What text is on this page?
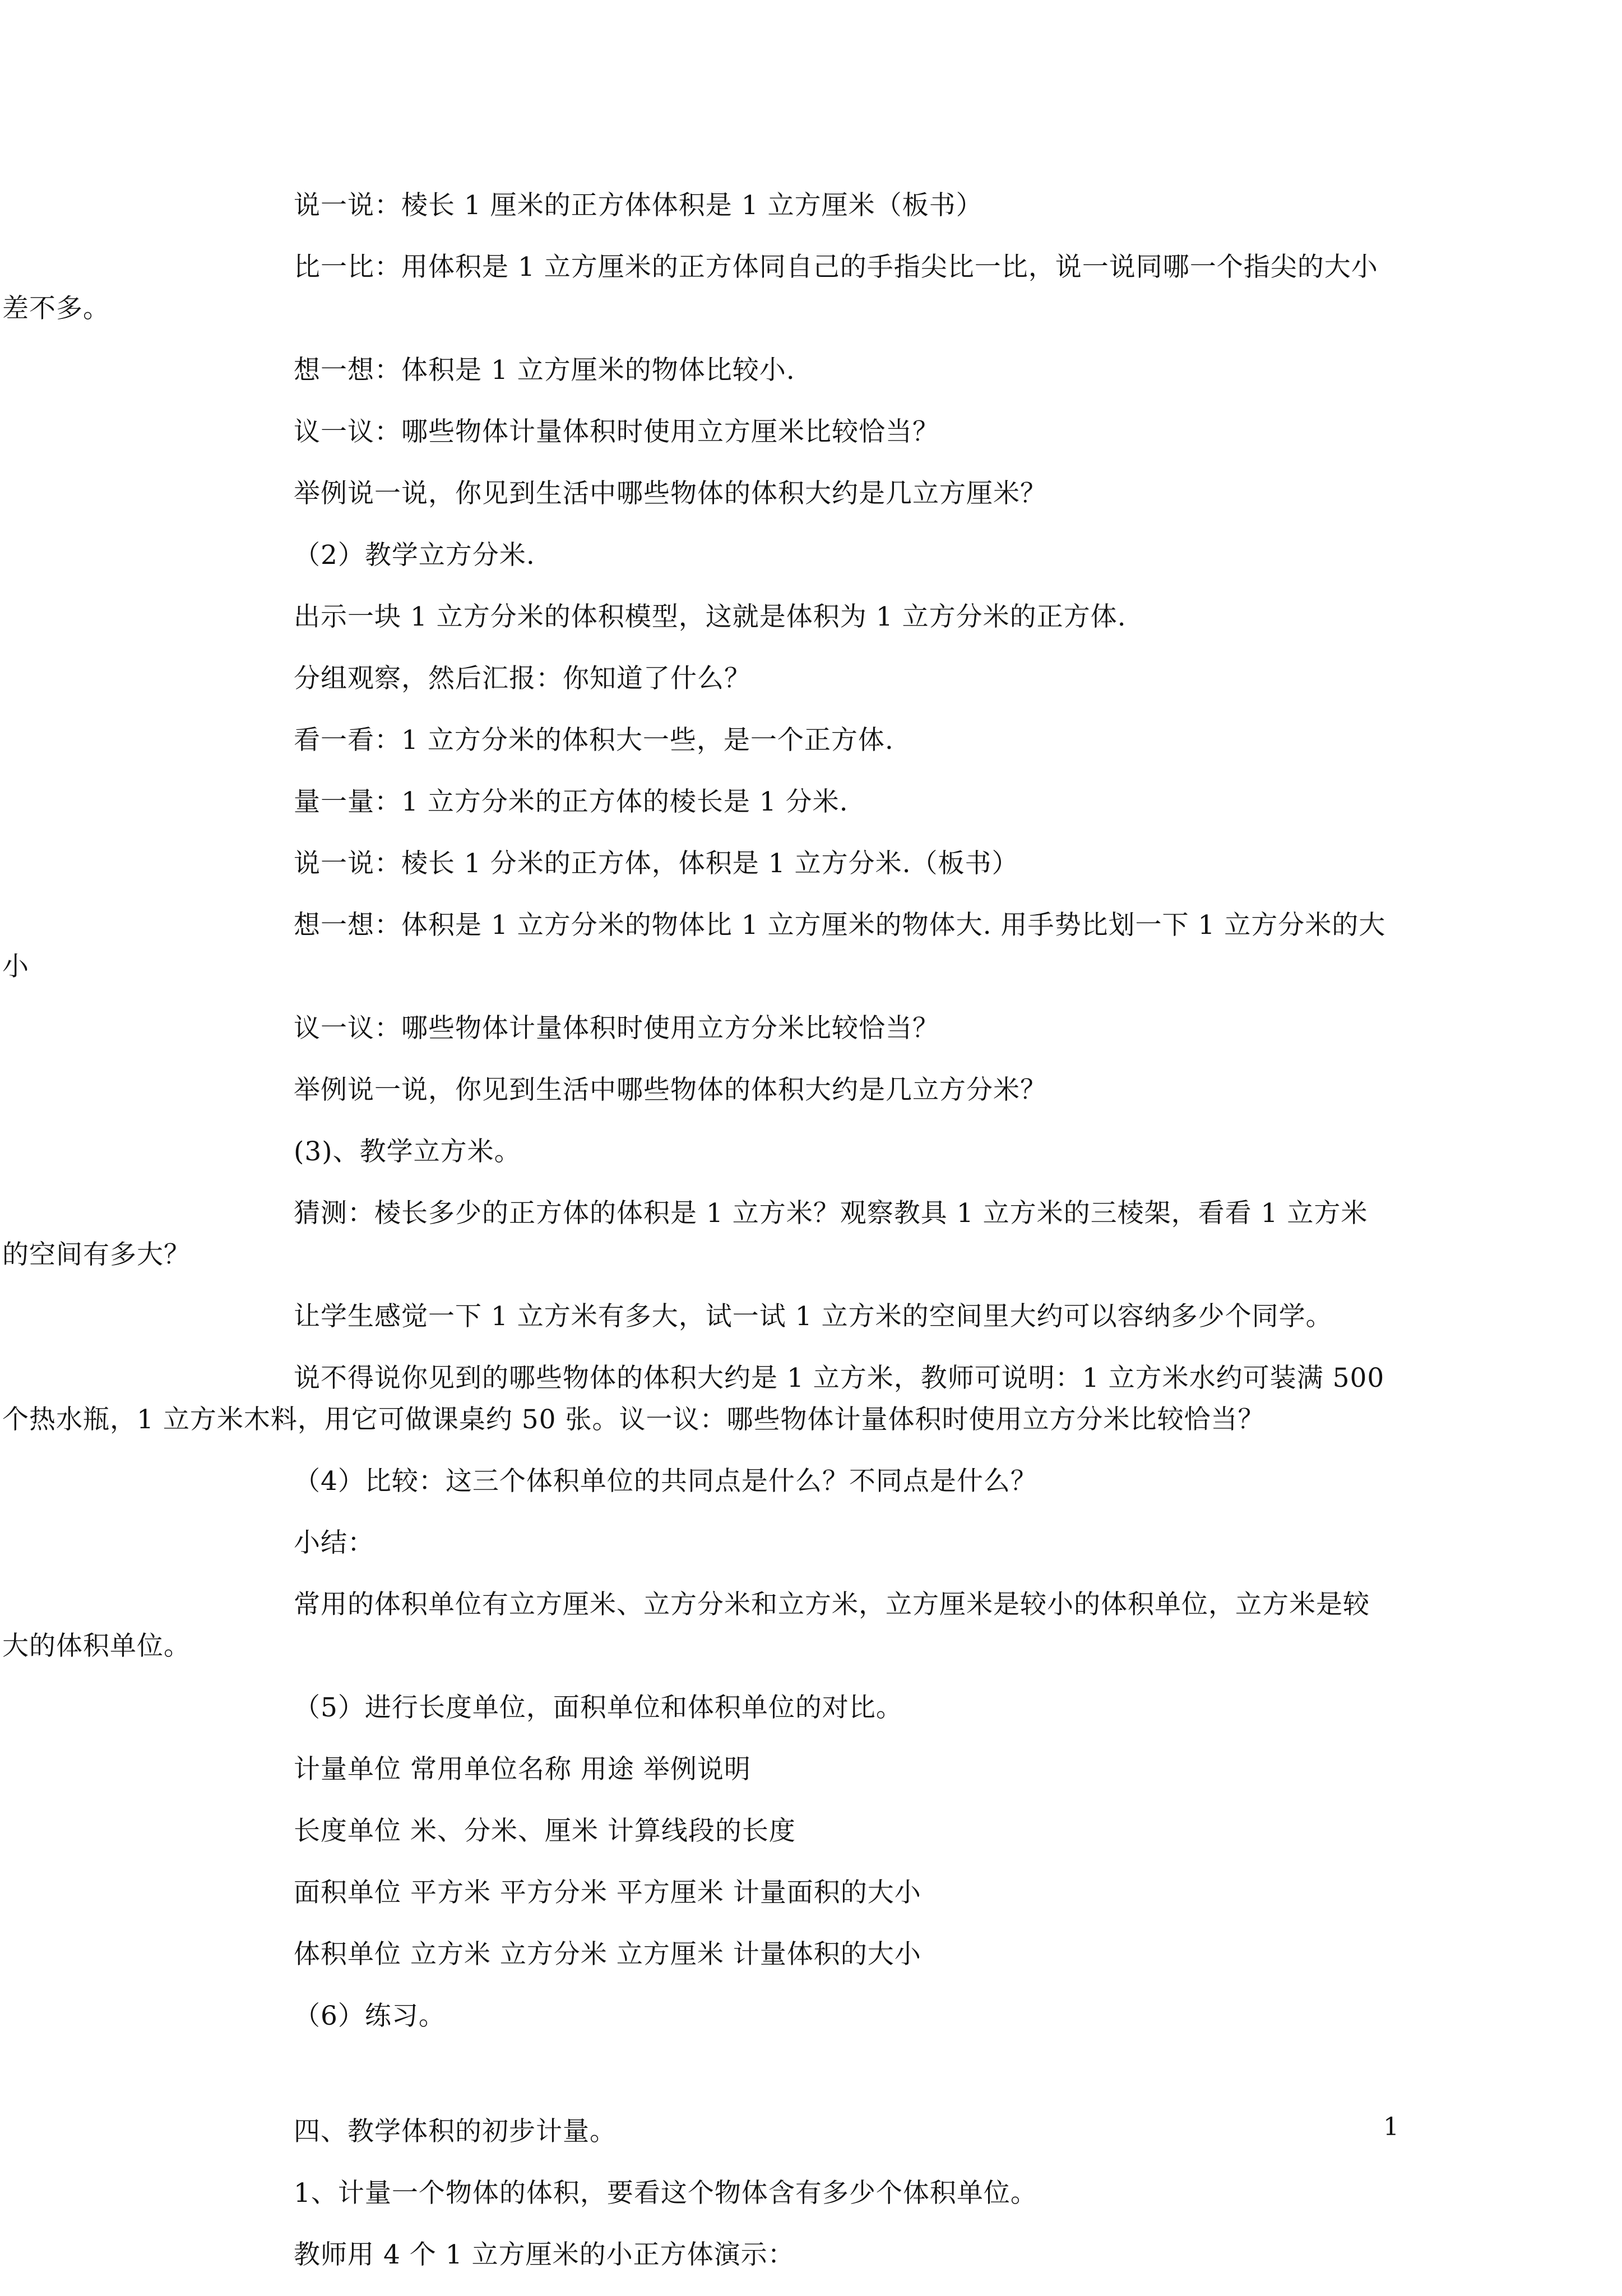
说一说：棱长 1 厘米的正方体体积是 1 立方厘米（板书）

比一比：用体积是 1 立方厘米的正方体同自己的手指尖比一比，说一说同哪一个指尖的大小差不多。

想一想：体积是 1 立方厘米的物体比较小.

议一议：哪些物体计量体积时使用立方厘米比较恰当？

举例说一说，你见到生活中哪些物体的体积大约是几立方厘米？

（2）教学立方分米.

出示一块 1 立方分米的体积模型，这就是体积为 1 立方分米的正方体.

分组观察，然后汇报：你知道了什么？

看一看：1 立方分米的体积大一些，是一个正方体.

量一量：1 立方分米的正方体的棱长是 1 分米.

说一说：棱长 1 分米的正方体，体积是 1 立方分米.（板书）

想一想：体积是 1 立方分米的物体比 1 立方厘米的物体大. 用手势比划一下 1 立方分米的大小

议一议：哪些物体计量体积时使用立方分米比较恰当？

举例说一说，你见到生活中哪些物体的体积大约是几立方分米？

(3)、教学立方米。

猜测：棱长多少的正方体的体积是 1 立方米？观察教具 1 立方米的三棱架，看看 1 立方米的空间有多大？

让学生感觉一下 1 立方米有多大，试一试 1 立方米的空间里大约可以容纳多少个同学。

说不得说你见到的哪些物体的体积大约是 1 立方米，教师可说明：1 立方米水约可装满 500 个热水瓶，1 立方米木料，用它可做课桌约 50 张。议一议：哪些物体计量体积时使用立方分米比较恰当？

（4）比较：这三个体积单位的共同点是什么？不同点是什么？

小结：

常用的体积单位有立方厘米、立方分米和立方米，立方厘米是较小的体积单位，立方米是较大的体积单位。

（5）进行长度单位，面积单位和体积单位的对比。

计量单位 常用单位名称 用途 举例说明

长度单位 米、分米、厘米 计算线段的长度

面积单位 平方米 平方分米 平方厘米 计量面积的大小

体积单位 立方米 立方分米 立方厘米 计量体积的大小

（6）练习。

四、教学体积的初步计量。

1、计量一个物体的体积，要看这个物体含有多少个体积单位。

教师用 4 个 1 立方厘米的小正方体演示：

1
